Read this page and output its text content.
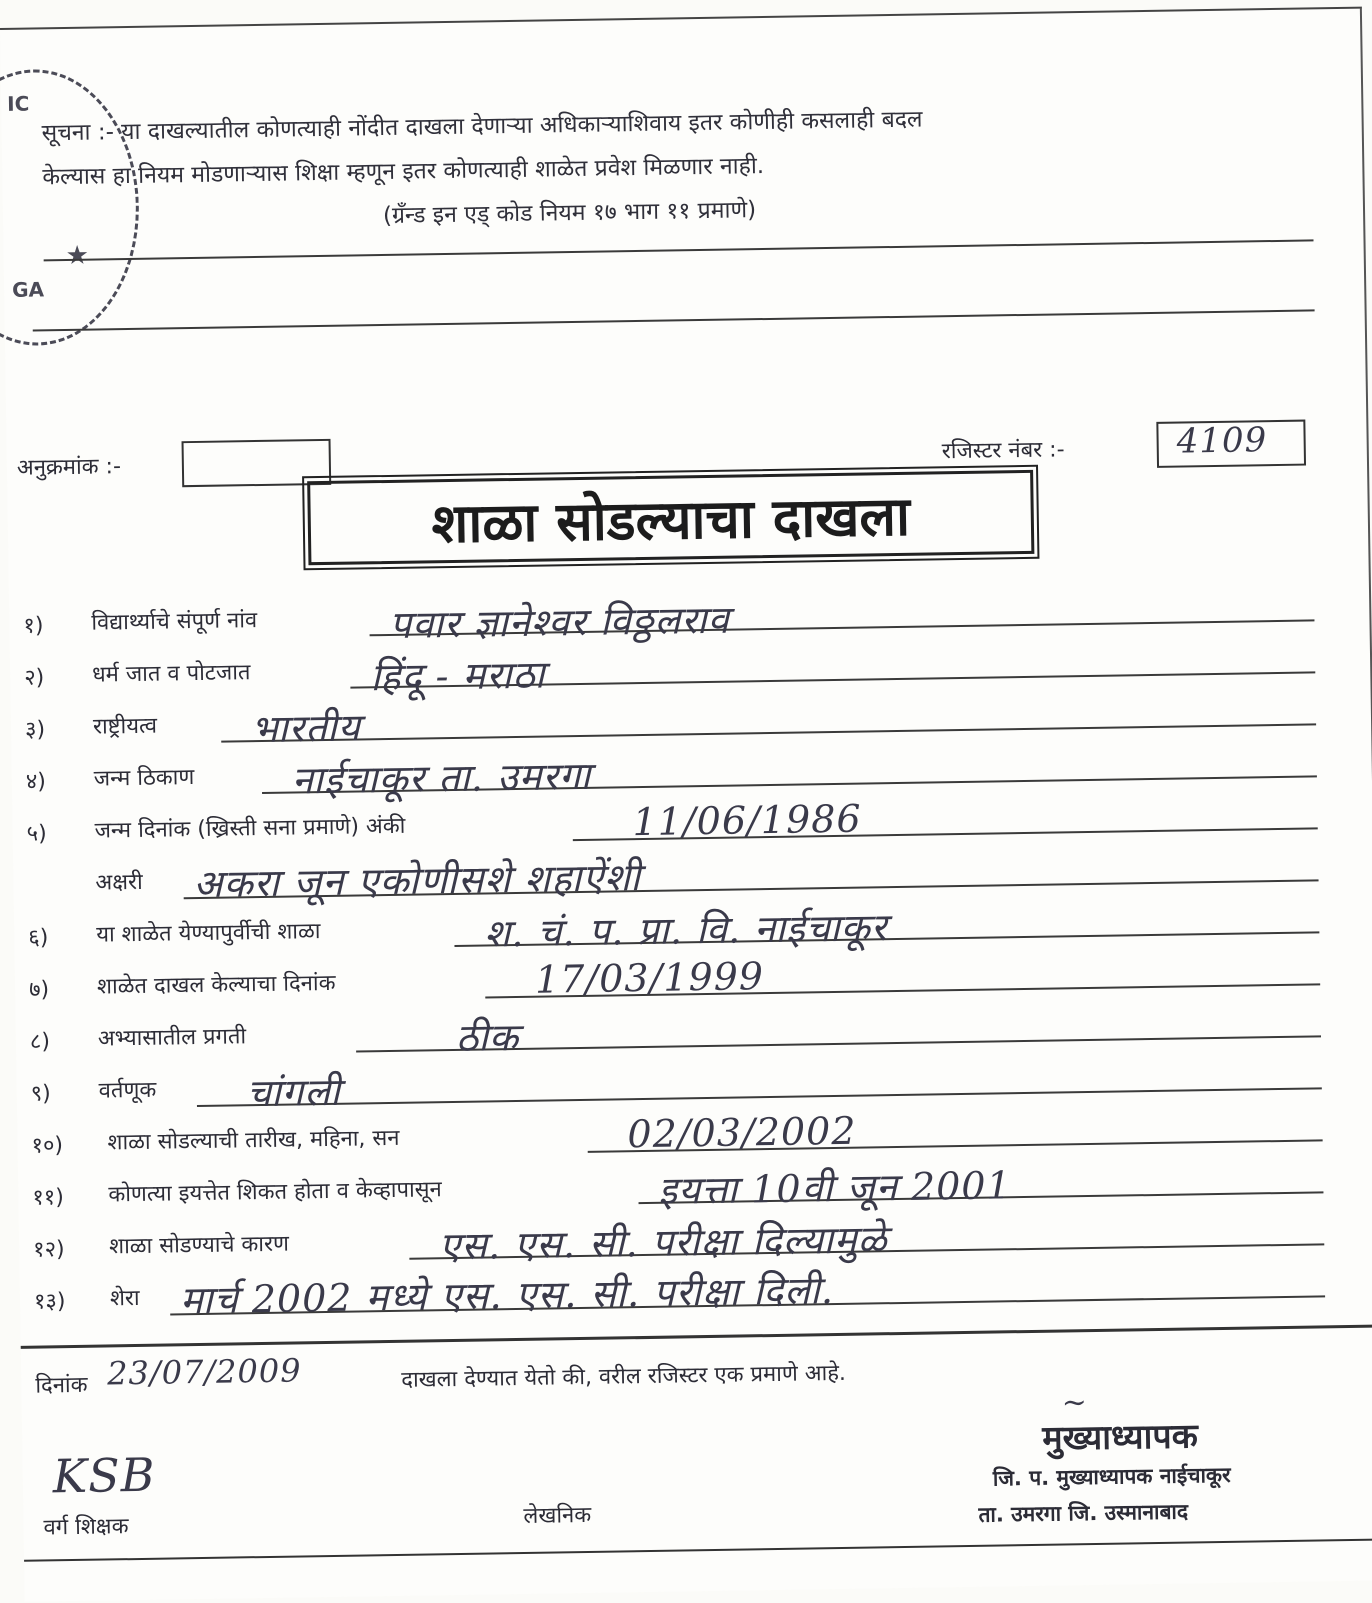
IC
GA
★
सूचना :- या दाखल्यातील कोणत्याही नोंदीत दाखला देणाऱ्या अधिकाऱ्याशिवाय इतर कोणीही कसलाही बदल
केल्यास हा नियम मोडणाऱ्यास शिक्षा म्हणून इतर कोणत्याही शाळेत प्रवेश मिळणार नाही.
(ग्रँन्ड इन एड् कोड नियम १७ भाग ११ प्रमाणे)
अनुक्रमांक :-
रजिस्टर नंबर :-	4109
शाळा सोडल्याचा दाखला
१) विद्यार्थ्याचे संपूर्ण नांव	पवार ज्ञानेश्वर विठ्ठलराव
२) धर्म जात व पोटजात	हिंदू - मराठा
३) राष्ट्रीयत्व भारतीय
४) जन्म ठिकाण	नाईचाकूर ता. उमरगा
५) जन्म दिनांक (ख्रिस्ती सना प्रमाणे) अंकी	11/06/1986
अक्षरी अकरा जून एकोणीसशे शहाऐंशी
६) या शाळेत येण्यापुर्वीची शाळा	श. चं. प. प्रा. वि. नाईचाकूर
७) शाळेत दाखल केल्याचा दिनांक	17/03/1999
८) अभ्यासातील प्रगती	ठीक
९) वर्तणूक चांगली
१०) शाळा सोडल्याची तारीख, महिना, सन	02/03/2002
११) कोणत्या इयत्तेत शिकत होता व केव्हापासून	इयत्ता 10वी जून 2001
१२) शाळा सोडण्याचे कारण	एस. एस. सी. परीक्षा दिल्यामुळे
१३) शेरा मार्च 2002 मध्ये एस. एस. सी. परीक्षा दिली.
दिनांक 23/07/2009	दाखला देण्यात येतो की, वरील रजिस्टर एक प्रमाणे आहे.
~
मुख्याध्यापक
जि. प. मुख्याध्यापक नाईचाकूर
ता. उमरगा जि. उस्मानाबाद
KSB
वर्ग शिक्षक	लेखनिक
